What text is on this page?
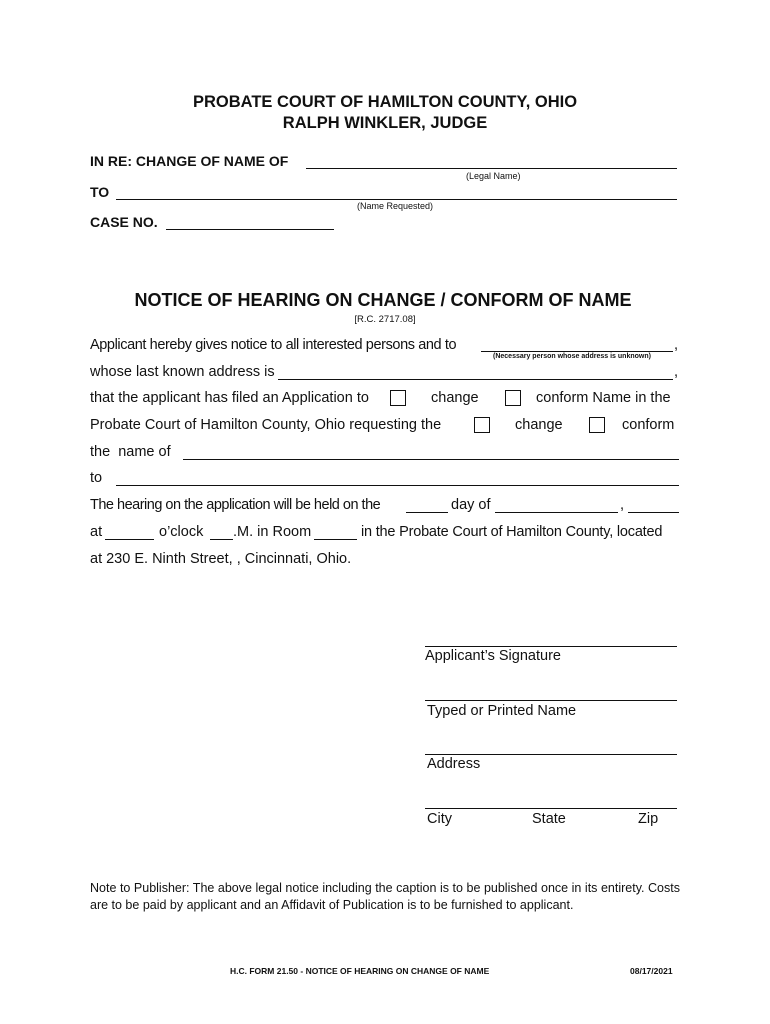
PROBATE COURT OF HAMILTON COUNTY, OHIO
RALPH WINKLER, JUDGE
IN RE: CHANGE OF NAME OF
(Legal Name)
TO
(Name Requested)
CASE NO.
NOTICE OF HEARING ON CHANGE / CONFORM OF NAME
[R.C. 2717.08]
Applicant hereby gives notice to all interested persons and to	,
(Necessary person whose address is unknown)
whose last known address is	,
that the applicant has filed an Application to	change	conform Name in the
Probate Court of Hamilton County, Ohio requesting the	change	conform
the  name of
to
The hearing on the application will be held on the	day of	,
at	o’clock .M. in Room	in the Probate Court of Hamilton County, located
at 230 E. Ninth Street, , Cincinnati, Ohio.
Applicant’s Signature
Typed or Printed Name
Address
City	State	Zip
Note to Publisher: The above legal notice including the caption is to be published once in its entirety. Costs are to be paid by applicant and an Affidavit of Publication is to be furnished to applicant.
H.C. FORM 21.50 - NOTICE OF HEARING ON CHANGE OF NAME	08/17/2021
